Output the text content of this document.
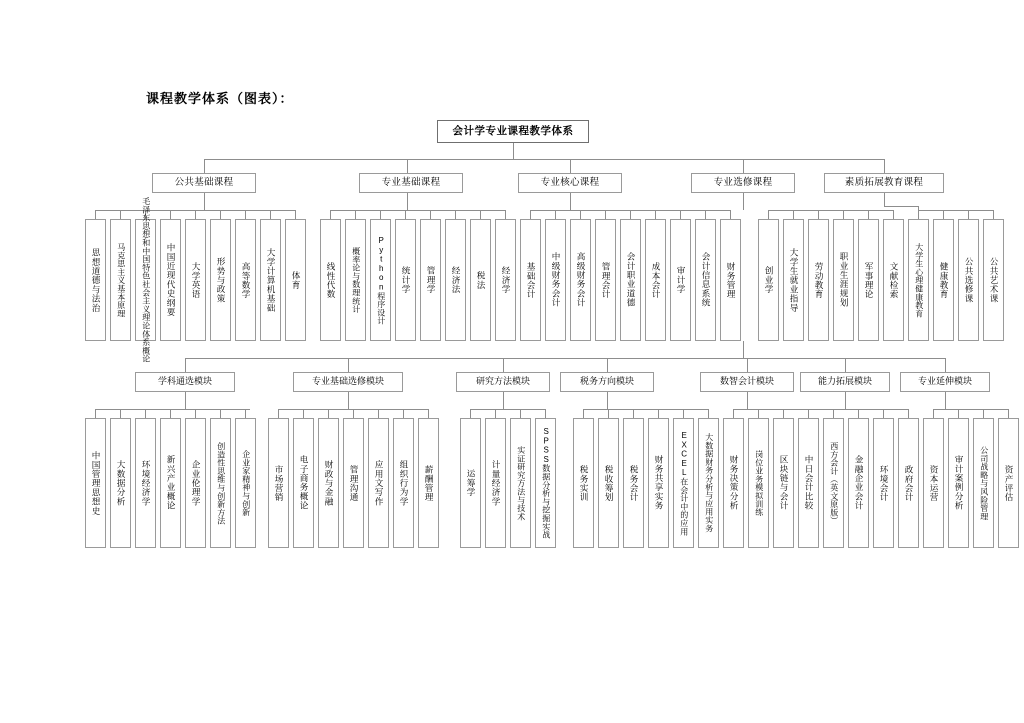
课程教学体系（图表）：
会计学专业课程教学体系
公共基础课程	专业基础课程	专业核心课程	专业选修课程	素质拓展教育课程
思想道德与法治 马克思主义基本原理 毛泽东思想和中国特色社会主义理论体系概论 中国近现代史纲要 大学英语 形势与政策 高等数学 大学计算机基础 体育	线性代数 概率论与数理统计 Python程序设计 统计学 管理学 经济法 税法 经济学 基础会计 中级财务会计 高级财务会计 管理会计 会计职业道德 成本会计 审计学 会计信息系统 财务管理	创业学 大学生就业指导 劳动教育 职业生涯规划 军事理论 文献检索 大学生心理健康教育 健康教育 公共选修课 公共艺术课
学科通选模块	专业基础选修模块	研究方法模块	税务方向模块	数智会计模块	能力拓展模块	专业延伸模块
中国管理思想史 大数据分析 环境经济学 新兴产业概论 企业伦理学 创造性思维与创新方法 企业家精神与创新	市场营销 电子商务概论 财政与金融 管理沟通 应用文写作 组织行为学 薪酬管理	运筹学 计量经济学 实证研究方法与技术 SPSS数据分析与挖掘实战	税务实训 税收筹划 税务会计 财务共享实务 EXCEL在会计中的应用 大数据财务分析与应用实务 财务决策分析 岗位业务模拟训练 区块链与会计 中日会计比较 西方会计（英文原版） 金融企业会计 环境会计 政府会计 资本运营 审计案例分析 公司战略与风险管理 资产评估
